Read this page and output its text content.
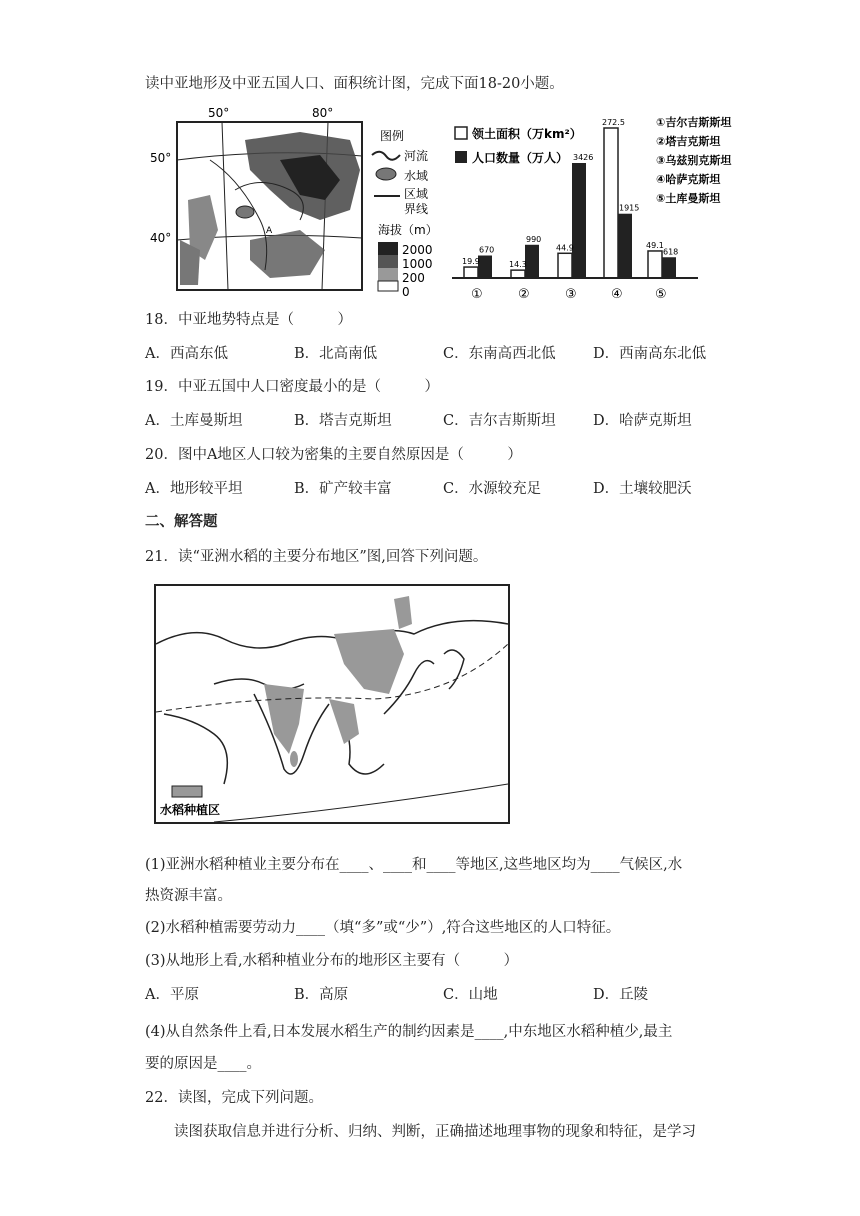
读中亚地形及中亚五国人口、面积统计图，完成下面18-20小题。
A
50°	80°
50°
40°
图例
河流
水域
区域
界线
海拔（m）
2000
1000
200
0
领土面积（万km²）
人口数量（万人）
①吉尔吉斯斯坦
②塔吉克斯坦
③乌兹别克斯坦
④哈萨克斯坦
⑤土库曼斯坦
19.9
670
①
14.3
990
②
44.9
3426
③
272.5
1915
④
49.1
618
⑤
18．中亚地势特点是（　　　）
A．西高东低	B．北高南低	C．东南高西北低	D．西南高东北低
19．中亚五国中人口密度最小的是（　　　）
A．土库曼斯坦	B．塔吉克斯坦	C．吉尔吉斯斯坦	D．哈萨克斯坦
20．图中A地区人口较为密集的主要自然原因是（　　　）
A．地形较平坦	B．矿产较丰富	C．水源较充足	D．土壤较肥沃
二、解答题
21．读“亚洲水稻的主要分布地区”图,回答下列问题。
水稻种植区
(1)亚洲水稻种植业主要分布在____、____和____等地区,这些地区均为____气候区,水
热资源丰富。
(2)水稻种植需要劳动力____（填“多”或“少”）,符合这些地区的人口特征。
(3)从地形上看,水稻种植业分布的地形区主要有（　　　）
A．平原	B．高原	C．山地	D．丘陵
(4)从自然条件上看,日本发展水稻生产的制约因素是____,中东地区水稻种植少,最主
要的原因是____。
22．读图，完成下列问题。
读图获取信息并进行分析、归纳、判断，正确描述地理事物的现象和特征，是学习
